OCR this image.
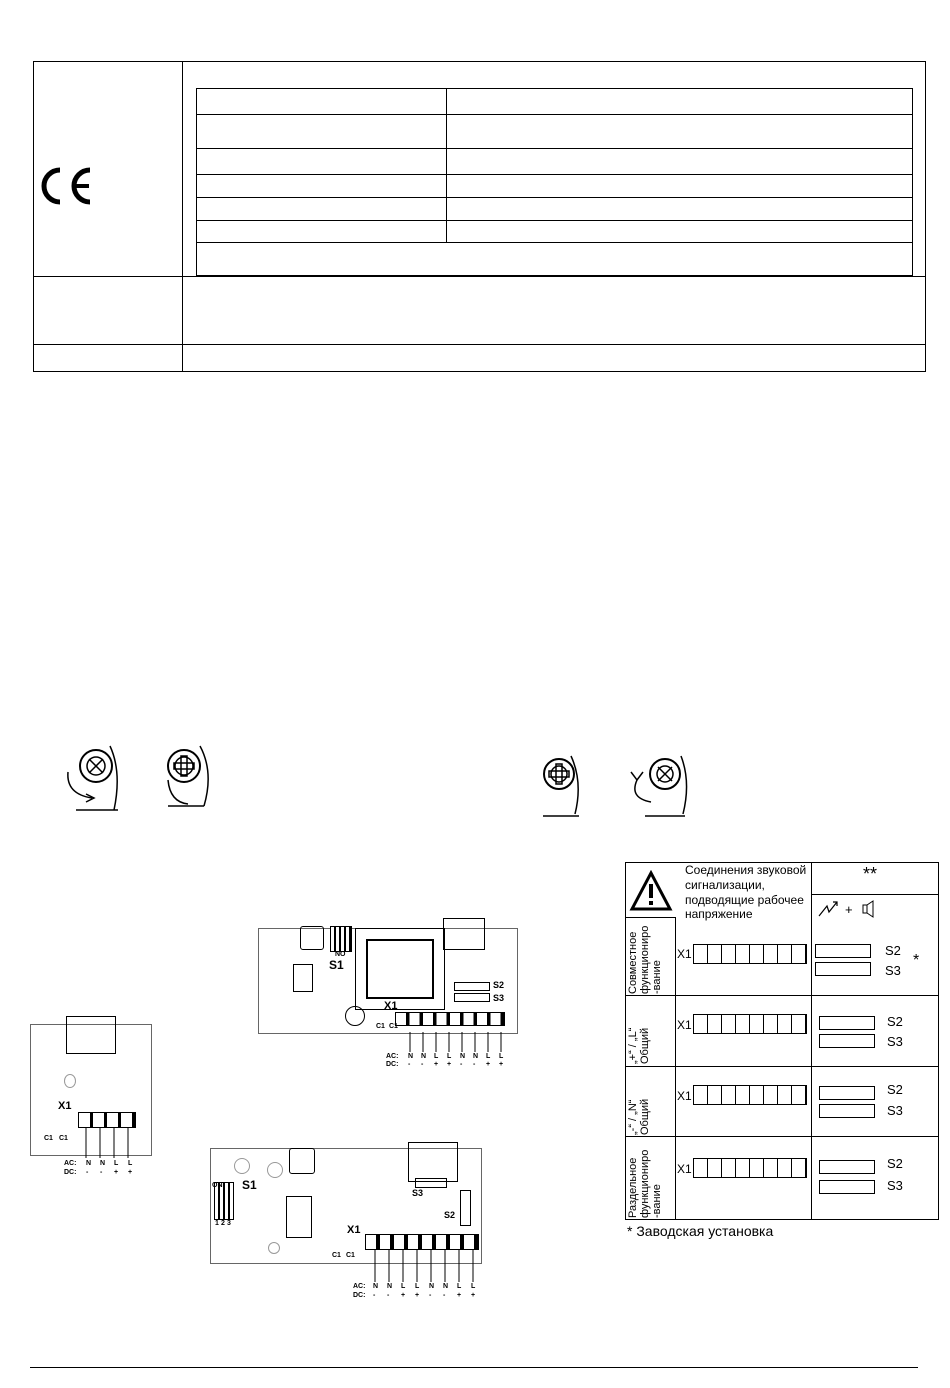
NO
S1
S2
S3
X1
C1 C1
AC:
DC:
N N L L N N L L
- - + + - - + +
X1
C1 C1
AC:
DC:
N N L L
- - + +
ON
1 2 3
S1
S3
S2
X1
C1 C1
AC:
DC:
N N L L N N L L
- - + + - - + +
Соединения звуковой
сигнализации,
подводящие рабочее
напряжение
**
+
Совместное функциониро -вание
X1	S2
S3
*
„+“ / „L“ Общий
X1	S2
S3
„-“ / „N“ Общий
X1	S2
S3
Раздельное функциониро -вание
X1	S2
S3
* Заводская установка
